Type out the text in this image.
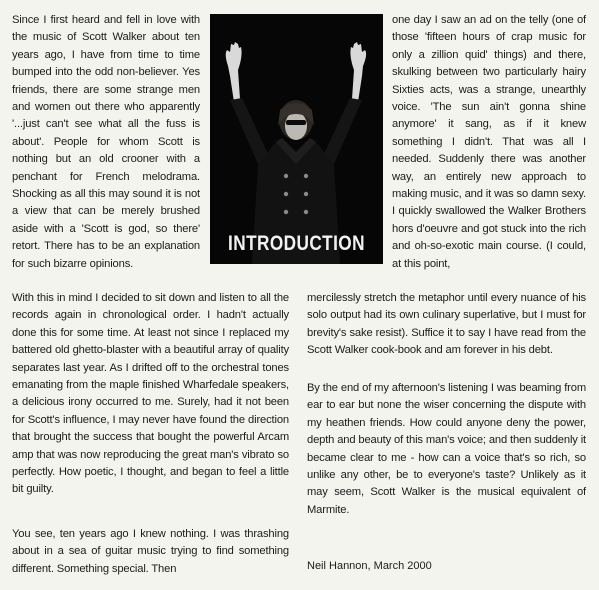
Since I first heard and fell in love with the music of Scott Walker about ten years ago, I have from time to time bumped into the odd non-believer. Yes friends, there are some strange men and women out there who apparently '...just can't see what all the fuss is about'. People for whom Scott is nothing but an old crooner with a penchant for French melodrama. Shocking as all this may sound it is not a view that can be merely brushed aside with a 'Scott is god, so there' retort. There has to be an explanation for such bizarre opinions.

INTRODUCTION

one day I saw an ad on the telly (one of those 'fifteen hours of crap music for only a zillion quid' things) and there, skulking between two particularly hairy Sixties acts, was a strange, unearthly voice. 'The sun ain't gonna shine anymore' it sang, as if it knew something I didn't. That was all I needed. Suddenly there was another way, an entirely new approach to making music, and it was so damn sexy. I quickly swallowed the Walker Brothers hors d'oeuvre and got stuck into the rich and oh-so-exotic main course. (I could, at this point,

With this in mind I decided to sit down and listen to all the records again in chronological order. I hadn't actually done this for some time. At least not since I replaced my battered old ghetto-blaster with a beautiful array of quality separates last year. As I drifted off to the orchestral tones emanating from the maple finished Wharfedale speakers, a delicious irony occurred to me. Surely, had it not been for Scott's influence, I may never have found the direction that brought the success that bought the powerful Arcam amp that was now reproducing the great man's vibrato so perfectly. How poetic, I thought, and began to feel a little bit guilty.

You see, ten years ago I knew nothing. I was thrashing about in a sea of guitar music trying to find something different. Something special. Then

mercilessly stretch the metaphor until every nuance of his solo output had its own culinary superlative, but I must for brevity's sake resist). Suffice it to say I have read from the Scott Walker cook-book and am forever in his debt.

By the end of my afternoon's listening I was beaming from ear to ear but none the wiser concerning the dispute with my heathen friends. How could anyone deny the power, depth and beauty of this man's voice; and then suddenly it became clear to me - how can a voice that's so rich, so unlike any other, be to everyone's taste? Unlikely as it may seem, Scott Walker is the musical equivalent of Marmite.

Neil Hannon, March 2000
